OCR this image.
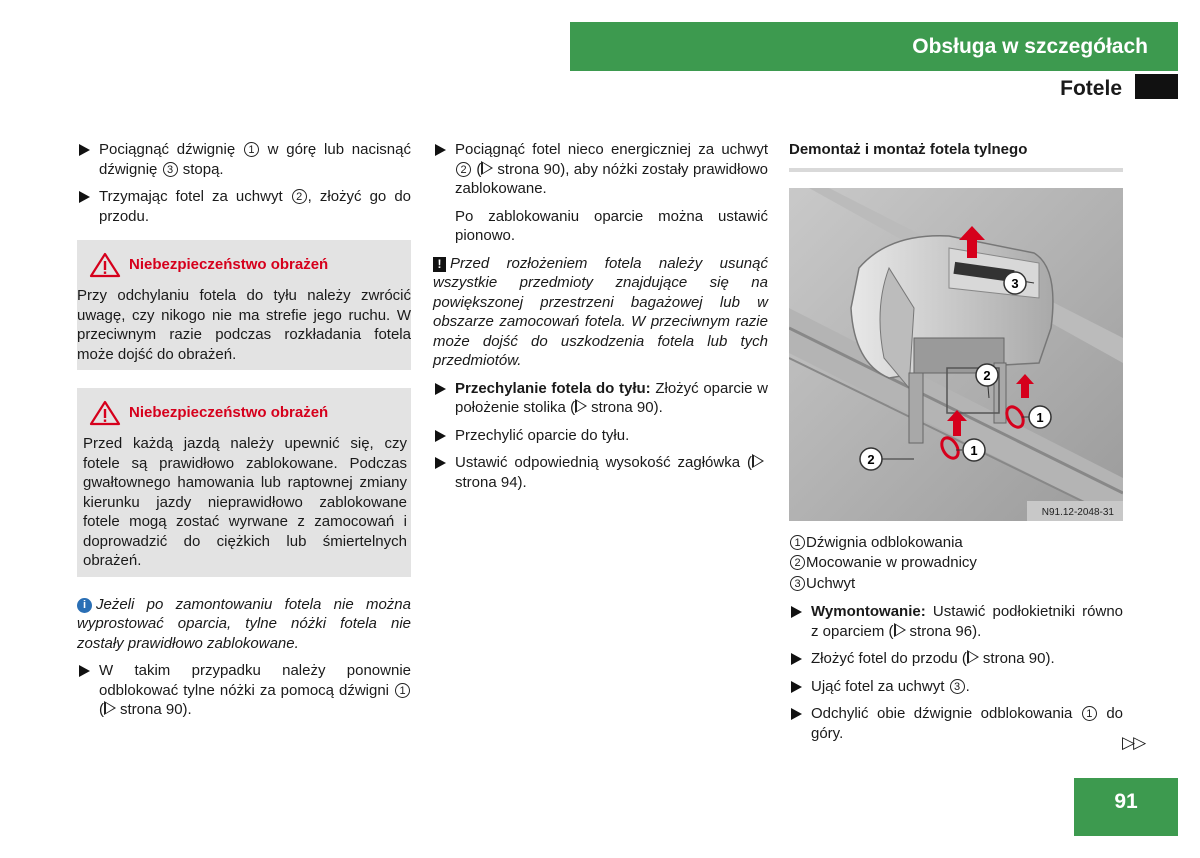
Obsługa w szczegółach
Fotele
Pociągnąć dźwignię 1 w górę lub nacisnąć dźwignię 3 stopą.
Trzymając fotel za uchwyt 2 , złożyć go do przodu.
Niebezpieczeństwo obrażeń
Przy odchylaniu fotela do tyłu należy zwrócić uwagę, czy nikogo nie ma strefie jego ruchu. W przeciwnym razie podczas rozkładania fotela może dojść do obrażeń.
Niebezpieczeństwo obrażeń
Przed każdą jazdą należy upewnić się, czy fotele są prawidłowo zablokowane. Podczas gwałtownego hamowania lub raptownej zmiany kierunku jazdy nieprawidłowo zablokowane fotele mogą zostać wyrwane z zamocowań i doprowadzić do ciężkich lub śmiertelnych obrażeń.
i Jeżeli po zamontowaniu fotela nie można wyprostować oparcia, tylne nóżki fotela nie zostały prawidłowo zablokowane.
W takim przypadku należy ponownie odblokować tylne nóżki za pomocą dźwigni 1 ( strona 90).
Pociągnąć fotel nieco energiczniej za uchwyt 2 ( strona 90), aby nóżki zostały prawidłowo zablokowane.
Po zablokowaniu oparcie można ustawić pionowo.
! Przed rozłożeniem fotela należy usunąć wszystkie przedmioty znajdujące się na powiększonej przestrzeni bagażowej lub w obszarze zamocowań fotela. W przeciwnym razie może dojść do uszkodzenia fotela lub tych przedmiotów.
Przechylanie fotela do tyłu: Złożyć oparcie w położenie stolika ( strona 90).
Przechylić oparcie do tyłu.
Ustawić odpowiednią wysokość zagłówka (strona 94).
Demontaż i montaż fotela tylnego
3
2
1
1
2
N91.12-2048-31
1 Dźwignia odblokowania
2 Mocowanie w prowadnicy
3 Uchwyt
Wymontowanie: Ustawić podłokietniki równo z oparciem ( strona 96).
Złożyć fotel do przodu ( strona 90).
Ująć fotel za uchwyt 3 .
Odchylić obie dźwignie odblokowania 1 do góry.	▷▷
91
